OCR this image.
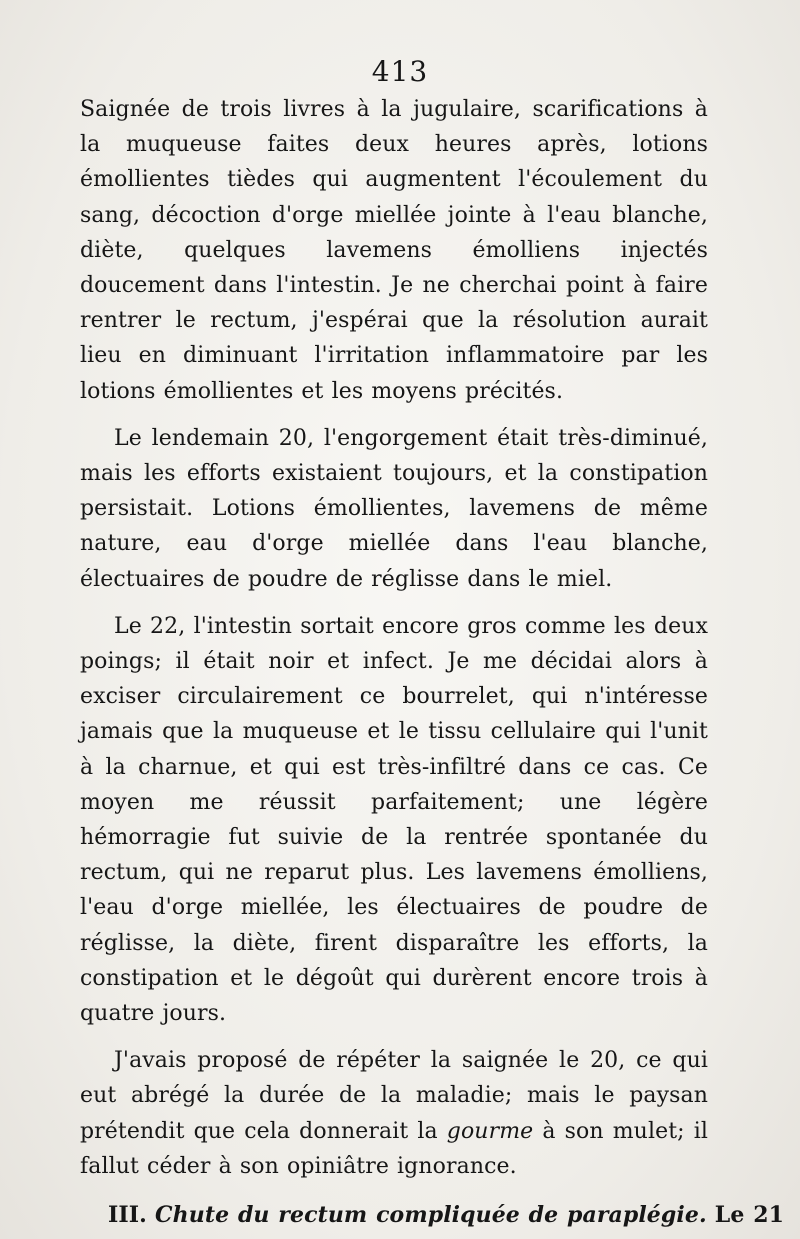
413

Saignée de trois livres à la jugulaire, scarifications à la muqueuse faites deux heures après, lotions émollientes tièdes qui augmentent l'écoulement du sang, décoction d'orge miellée jointe à l'eau blanche, diète, quelques lavemens émolliens injectés doucement dans l'intestin. Je ne cherchai point à faire rentrer le rectum, j'espérai que la résolution aurait lieu en diminuant l'irritation inflammatoire par les lotions émollientes et les moyens précités.

Le lendemain 20, l'engorgement était très-diminué, mais les efforts existaient toujours, et la constipation persistait. Lotions émollientes, lavemens de même nature, eau d'orge miellée dans l'eau blanche, électuaires de poudre de réglisse dans le miel.

Le 22, l'intestin sortait encore gros comme les deux poings; il était noir et infect. Je me décidai alors à exciser circulairement ce bourrelet, qui n'intéresse jamais que la muqueuse et le tissu cellulaire qui l'unit à la charnue, et qui est très-infiltré dans ce cas. Ce moyen me réussit parfaitement; une légère hémorragie fut suivie de la rentrée spontanée du rectum, qui ne reparut plus. Les lavemens émolliens, l'eau d'orge miellée, les électuaires de poudre de réglisse, la diète, firent disparaître les efforts, la constipation et le dégoût qui durèrent encore trois à quatre jours.

J'avais proposé de répéter la saignée le 20, ce qui eut abrégé la durée de la maladie; mais le paysan prétendit que cela donnerait la gourme à son mulet; il fallut céder à son opiniâtre ignorance.

III. Chute du rectum compliquée de paraplégie. Le 21
